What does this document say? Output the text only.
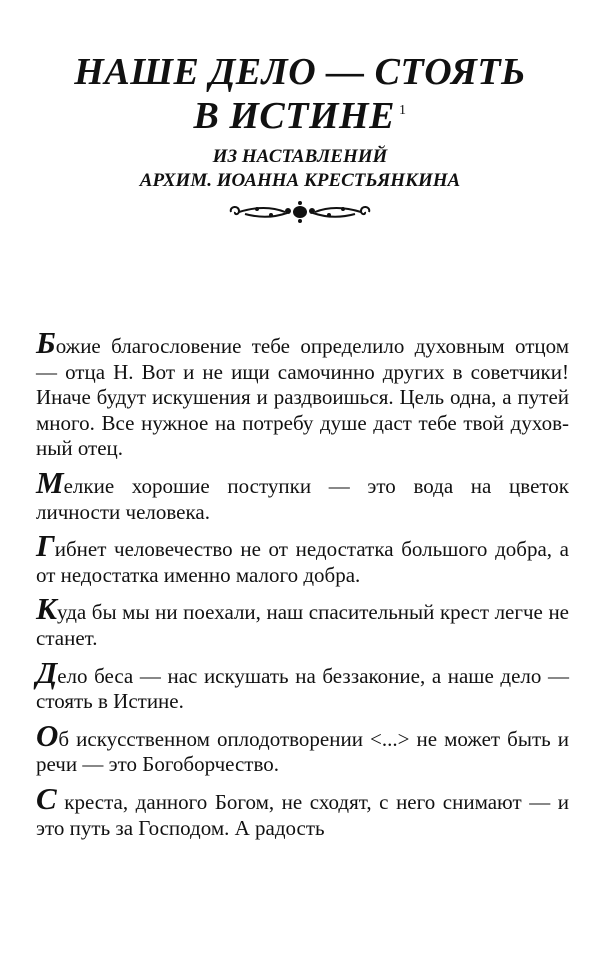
НАШЕ ДЕЛО — СТОЯТЬ
В ИСТИНЕ $^1$
ИЗ НАСТАВЛЕНИЙ
АРХИМ. ИОАННА КРЕСТЬЯНКИНА

Божие благословение тебе определило духовным отцом — отца Н. Вот и не ищи самочинно других в советчики! Иначе будут искушения и раздвоишься. Цель одна, а путей много. Все нужное на потребу душе даст тебе твой духовный отец.

Мелкие хорошие поступки — это вода на цветок личности человека.

Гибнет человечество не от недостатка большого добра, а от недостатка именно малого добра.

Куда бы мы ни поехали, наш спасительный крест легче не станет.

Дело беса — нас искушать на беззаконие, а наше дело — стоять в Истине.

Об искусственном оплодотворении <...> не может быть и речи — это Богоборчество.

С креста, данного Богом, не сходят, с него снимают — и это путь за Господом. А радость
